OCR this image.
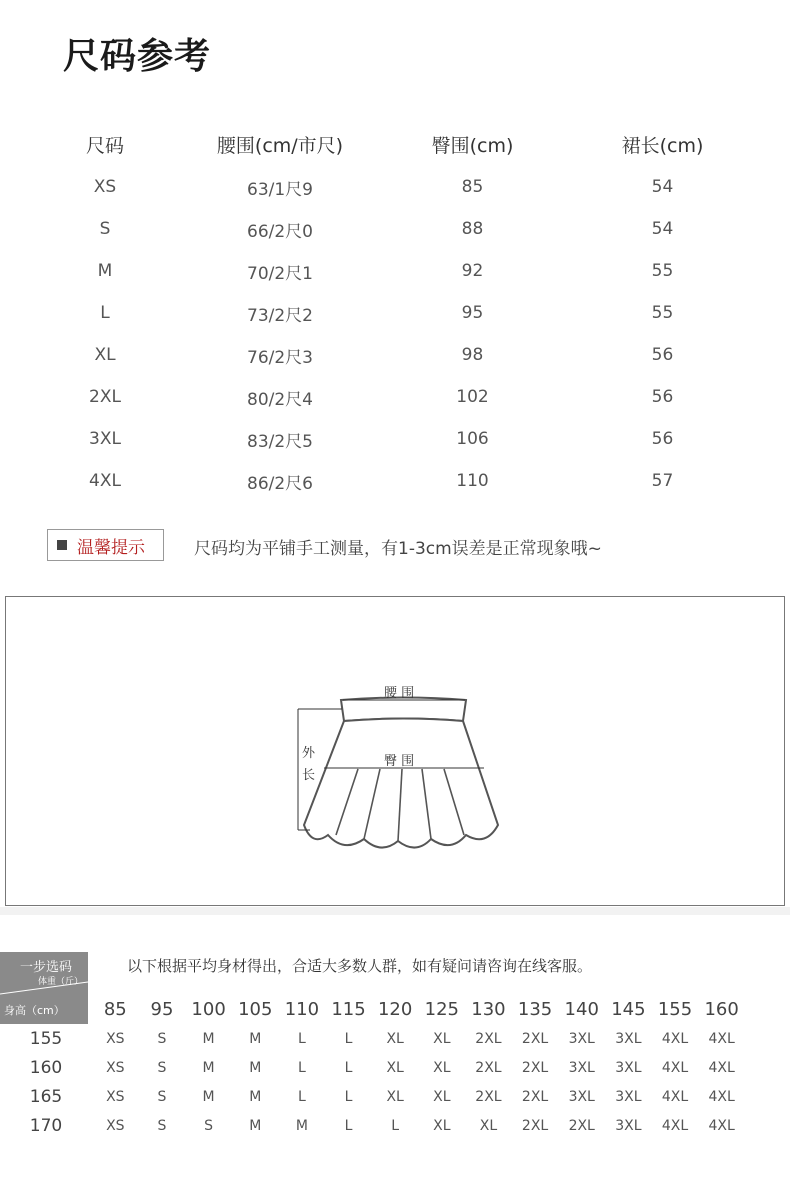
尺码参考
尺码	腰围(cm/市尺)	臀围(cm)	裙长(cm)
XS	63/1尺9	85	54
S	66/2尺0	88	54
M	70/2尺1	92	55
L	73/2尺2	95	55
XL	76/2尺3	98	56
2XL	80/2尺4	102	56
3XL	83/2尺5	106	56
4XL	86/2尺6	110	57
温馨提示	尺码均为平铺手工测量，有1-3cm误差是正常现象哦~
腰 围
臀 围
外
长
一步选码
体重（斤）
身高（cm）
以下根据平均身材得出，合适大多数人群，如有疑问请咨询在线客服。
	85	95	100	105	110	115	120	125	130	135	140	145	155	160
155	XS	S	M	M	L	L	XL	XL	2XL	2XL	3XL	3XL	4XL	4XL
160	XS	S	M	M	L	L	XL	XL	2XL	2XL	3XL	3XL	4XL	4XL
165	XS	S	M	M	L	L	XL	XL	2XL	2XL	3XL	3XL	4XL	4XL
170	XS	S	S	M	M	L	L	XL	XL	2XL	2XL	3XL	4XL	4XL
